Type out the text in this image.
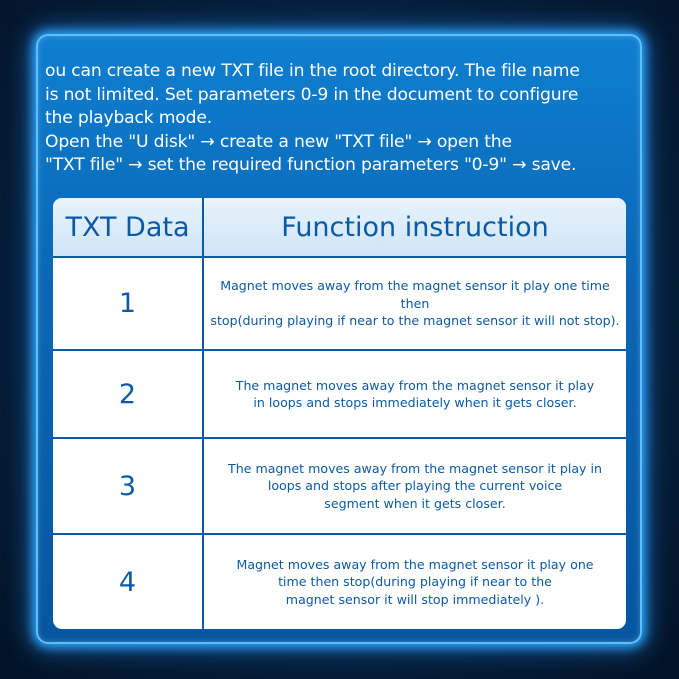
ou can create a new TXT file in the root directory. The file name

is not limited. Set parameters 0-9 in the document to configure

the playback mode.

Open the "U disk" → create a new "TXT file" → open the

"TXT file" → set the required function parameters "0-9" → save.

TXT Data	Function instruction
1
Magnet moves away from the magnet sensor it play one time then
stop(during playing if near to the magnet sensor it will not stop).
2	The magnet moves away from the magnet sensor it play
in loops and stops immediately when it gets closer.
3
The magnet moves away from the magnet sensor it play in
loops and stops after playing the current voice
segment when it gets closer.
4
Magnet moves away from the magnet sensor it play one
time then stop(during playing if near to the
magnet sensor it will stop immediately ).
